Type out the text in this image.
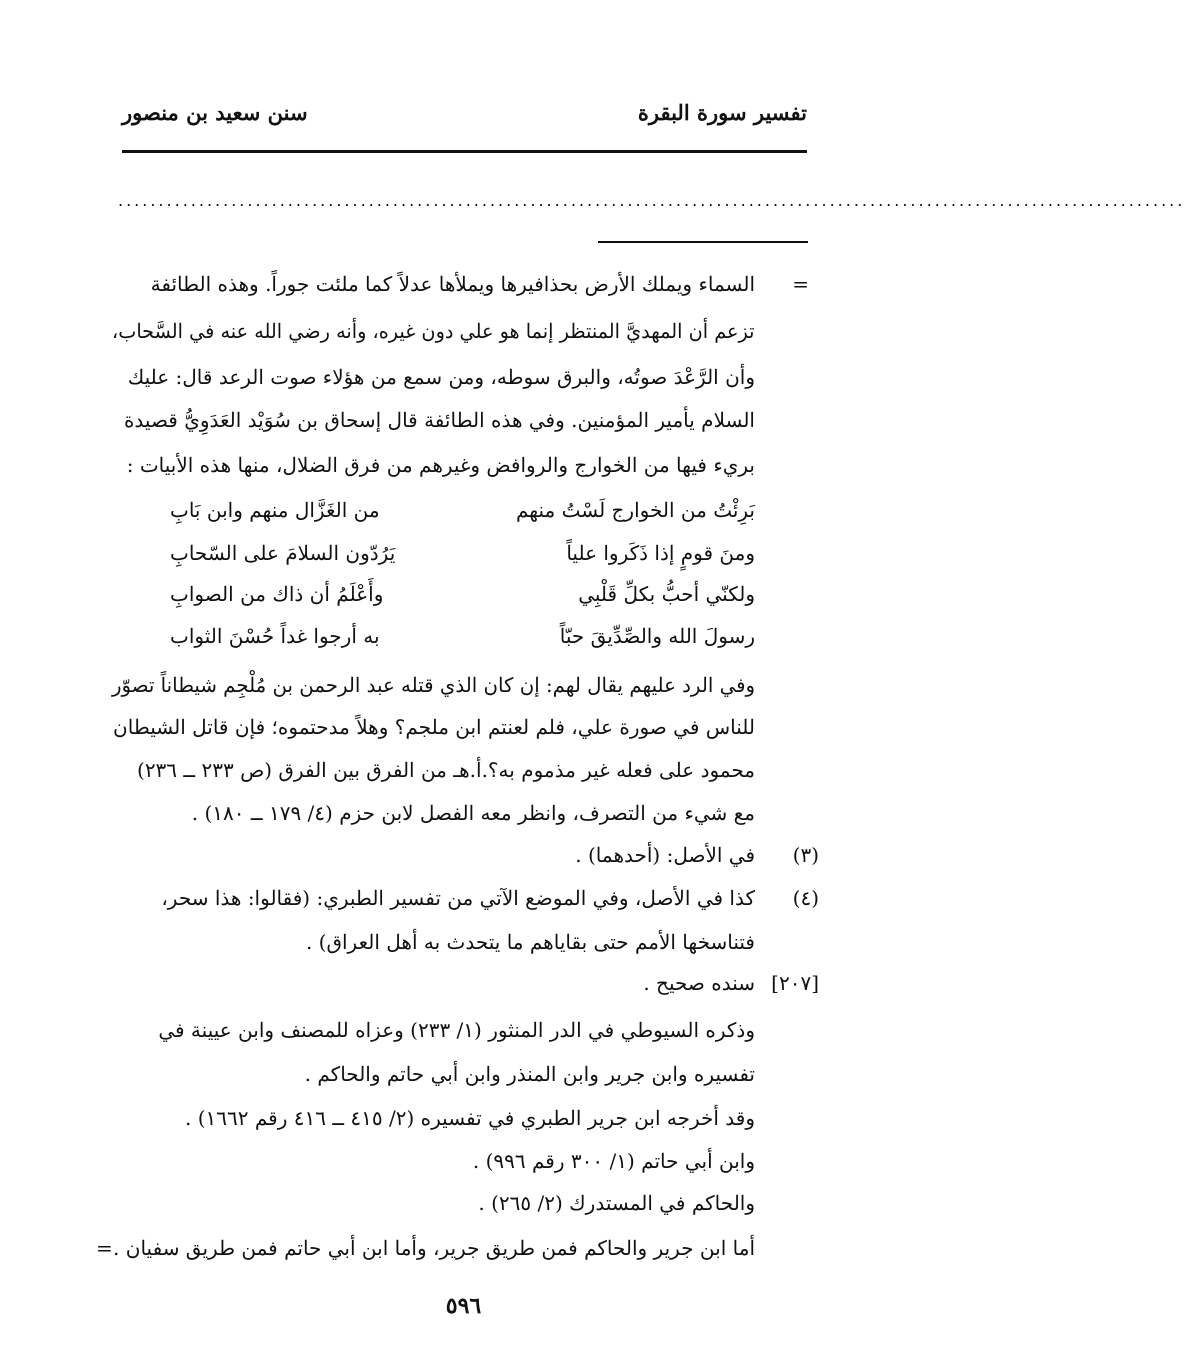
تفسير سورة البقرة
سنن سعيد بن منصور
....................................................................................................................................
=
السماء ويملك الأرض بحذافيرها ويملأها عدلاً كما ملئت جوراً. وهذه الطائفة
تزعم أن المهديَّ المنتظر إنما هو علي دون غيره، وأنه رضي الله عنه في السَّحاب،
وأن الرَّعْدَ صوتُه، والبرق سوطه، ومن سمع من هؤلاء صوت الرعد قال: عليك
السلام يأمير المؤمنين. وفي هذه الطائفة قال إسحاق بن سُوَيْد العَدَوِيُّ قصيدة
بريء فيها من الخوارج والروافض وغيرهم من فرق الضلال، منها هذه الأبيات :
بَرِئْتُ من الخوارج لَسْتُ منهم
من الغَزَّال منهم وابن بَابِ
ومنَ قومٍ إذا ذَكَروا علياً
يَرُدّون السلامَ على السّحابِ
ولكنّي أحبُّ بكلِّ قَلْبِي
وأَعْلَمُ أن ذاك من الصوابِ
رسولَ الله والصِّدِّيقَ حبّاً
به أرجوا غداً حُسْنَ الثواب
وفي الرد عليهم يقال لهم: إن كان الذي قتله عبد الرحمن بن مُلْجِم شيطاناً تصوّر
للناس في صورة علي، فلم لعنتم ابن ملجم؟ وهلاً مدحتموه؛ فإن قاتل الشيطان
محمود على فعله غير مذموم به؟.أ.هـ من الفرق بين الفرق (ص ٢٣٣ ــ ٢٣٦)
مع شيء من التصرف، وانظر معه الفصل لابن حزم (٤/ ١٧٩ ــ ١٨٠) .
(٣)
في الأصل: (أحدهما) .
(٤)
كذا في الأصل، وفي الموضع الآتي من تفسير الطبري: (فقالوا: هذا سحر،
فتناسخها الأمم حتى بقاياهم ما يتحدث به أهل العراق) .
[٢٠٧]
سنده صحيح .
وذكره السيوطي في الدر المنثور (١/ ٢٣٣) وعزاه للمصنف وابن عيينة في
تفسيره وابن جرير وابن المنذر وابن أبي حاتم والحاكم .
وقد أخرجه ابن جرير الطبري في تفسيره (٢/ ٤١٥ ــ ٤١٦ رقم ١٦٦٢) .
وابن أبي حاتم (١/ ٣٠٠ رقم ٩٩٦) .
والحاكم في المستدرك (٢/ ٢٦٥) .
أما ابن جرير والحاكم فمن طريق جرير، وأما ابن أبي حاتم فمن طريق سفيان .
=
٥٩٦
